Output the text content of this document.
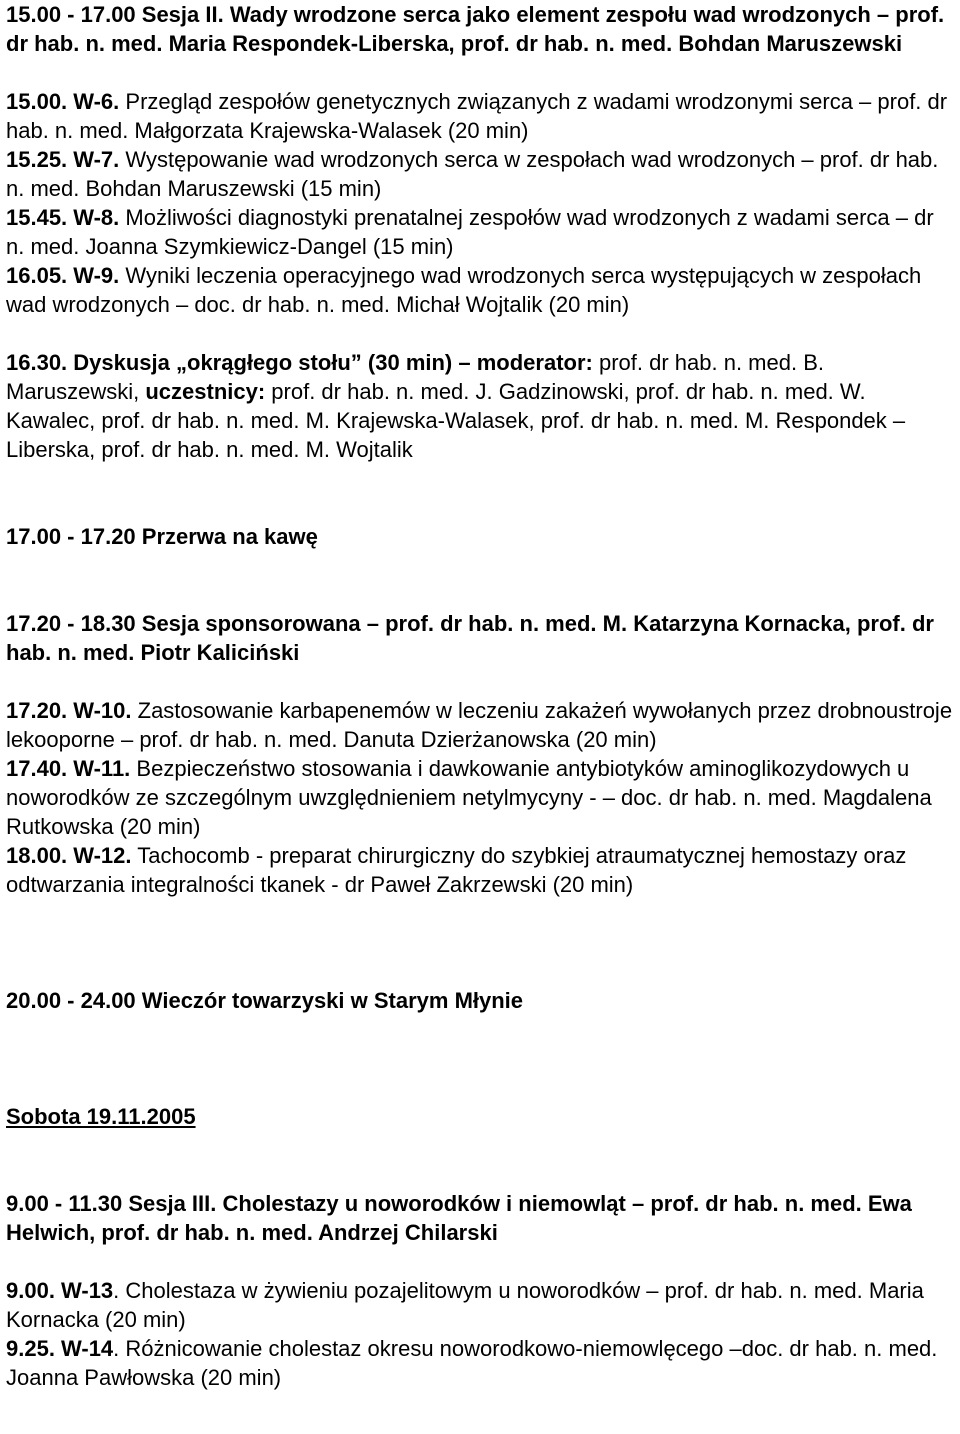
15.00 - 17.00 Sesja II. Wady wrodzone serca jako element zespołu wad wrodzonych – prof. dr hab. n. med. Maria Respondek-Liberska, prof. dr hab. n. med. Bohdan Maruszewski

15.00. W-6. Przegląd zespołów genetycznych związanych z wadami wrodzonymi serca – prof. dr hab. n. med. Małgorzata Krajewska-Walasek (20 min)

15.25. W-7. Występowanie wad wrodzonych serca w zespołach wad wrodzonych – prof. dr hab. n. med. Bohdan Maruszewski (15 min)

15.45. W-8. Możliwości diagnostyki prenatalnej zespołów wad wrodzonych z wadami serca – dr n. med. Joanna Szymkiewicz-Dangel (15 min)

16.05. W-9. Wyniki leczenia operacyjnego wad wrodzonych serca występujących w zespołach wad wrodzonych – doc. dr hab. n. med. Michał Wojtalik (20 min)

16.30. Dyskusja „okrągłego stołu” (30 min) – moderator: prof. dr hab. n. med. B. Maruszewski, uczestnicy: prof. dr hab. n. med. J. Gadzinowski, prof. dr hab. n. med. W. Kawalec, prof. dr hab. n. med. M. Krajewska-Walasek, prof. dr hab. n. med. M. Respondek – Liberska, prof. dr hab. n. med. M. Wojtalik

17.00 - 17.20 Przerwa na kawę

17.20 - 18.30 Sesja sponsorowana – prof. dr hab. n. med. M. Katarzyna Kornacka, prof. dr hab. n. med. Piotr Kaliciński

17.20. W-10. Zastosowanie karbapenemów w leczeniu zakażeń wywołanych przez drobnoustroje lekooporne – prof. dr hab. n. med. Danuta Dzierżanowska (20 min)

17.40. W-11. Bezpieczeństwo stosowania i dawkowanie antybiotyków aminoglikozydowych u noworodków ze szczególnym uwzględnieniem netylmycyny - – doc. dr hab. n. med. Magdalena Rutkowska (20 min)

18.00. W-12. Tachocomb - preparat chirurgiczny do szybkiej atraumatycznej hemostazy oraz odtwarzania integralności tkanek - dr Paweł Zakrzewski (20 min)

20.00 - 24.00 Wieczór towarzyski w Starym Młynie

Sobota 19.11.2005

9.00 - 11.30 Sesja III. Cholestazy u noworodków i niemowląt – prof. dr hab. n. med. Ewa Helwich, prof. dr hab. n. med. Andrzej Chilarski

9.00. W-13. Cholestaza w żywieniu pozajelitowym u noworodków – prof. dr hab. n. med. Maria Kornacka (20 min)

9.25. W-14. Różnicowanie cholestaz okresu noworodkowo-niemowlęcego –doc. dr hab. n. med. Joanna Pawłowska (20 min)
